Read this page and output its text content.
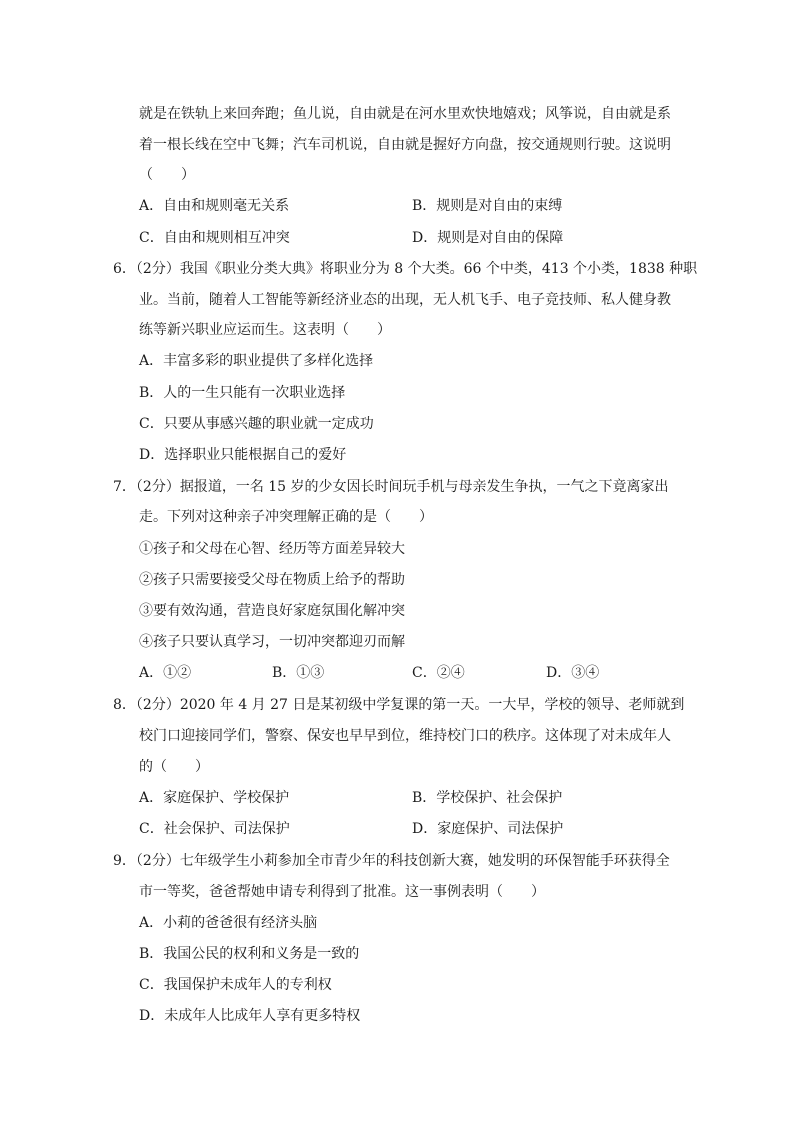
就是在铁轨上来回奔跑；鱼儿说，自由就是在河水里欢快地嬉戏；风筝说，自由就是系
着一根长线在空中飞舞；汽车司机说，自由就是握好方向盘，按交通规则行驶。这说明
（　　）
A．自由和规则毫无关系	B．规则是对自由的束缚
C．自由和规则相互冲突	D．规则是对自由的保障
6．（2分）我国《职业分类大典》将职业分为 8 个大类。66 个中类，413 个小类，1838 种职
业。当前，随着人工智能等新经济业态的出现，无人机飞手、电子竞技师、私人健身教
练等新兴职业应运而生。这表明（　　）
A．丰富多彩的职业提供了多样化选择
B．人的一生只能有一次职业选择
C．只要从事感兴趣的职业就一定成功
D．选择职业只能根据自己的爱好
7．（2分）据报道，一名 15 岁的少女因长时间玩手机与母亲发生争执，一气之下竟离家出
走。下列对这种亲子冲突理解正确的是（　　）
①孩子和父母在心智、经历等方面差异较大
②孩子只需要接受父母在物质上给予的帮助
③要有效沟通，营造良好家庭氛围化解冲突
④孩子只要认真学习，一切冲突都迎刃而解
A．①②	B．①③	C．②④	D．③④
8．（2分）2020 年 4 月 27 日是某初级中学复课的第一天。一大早，学校的领导、老师就到
校门口迎接同学们，警察、保安也早早到位，维持校门口的秩序。这体现了对未成年人
的（　　）
A．家庭保护、学校保护	B．学校保护、社会保护
C．社会保护、司法保护	D．家庭保护、司法保护
9．（2分）七年级学生小莉参加全市青少年的科技创新大赛，她发明的环保智能手环获得全
市一等奖，爸爸帮她申请专利得到了批准。这一事例表明（　　）
A．小莉的爸爸很有经济头脑
B．我国公民的权利和义务是一致的
C．我国保护未成年人的专利权
D．未成年人比成年人享有更多特权
